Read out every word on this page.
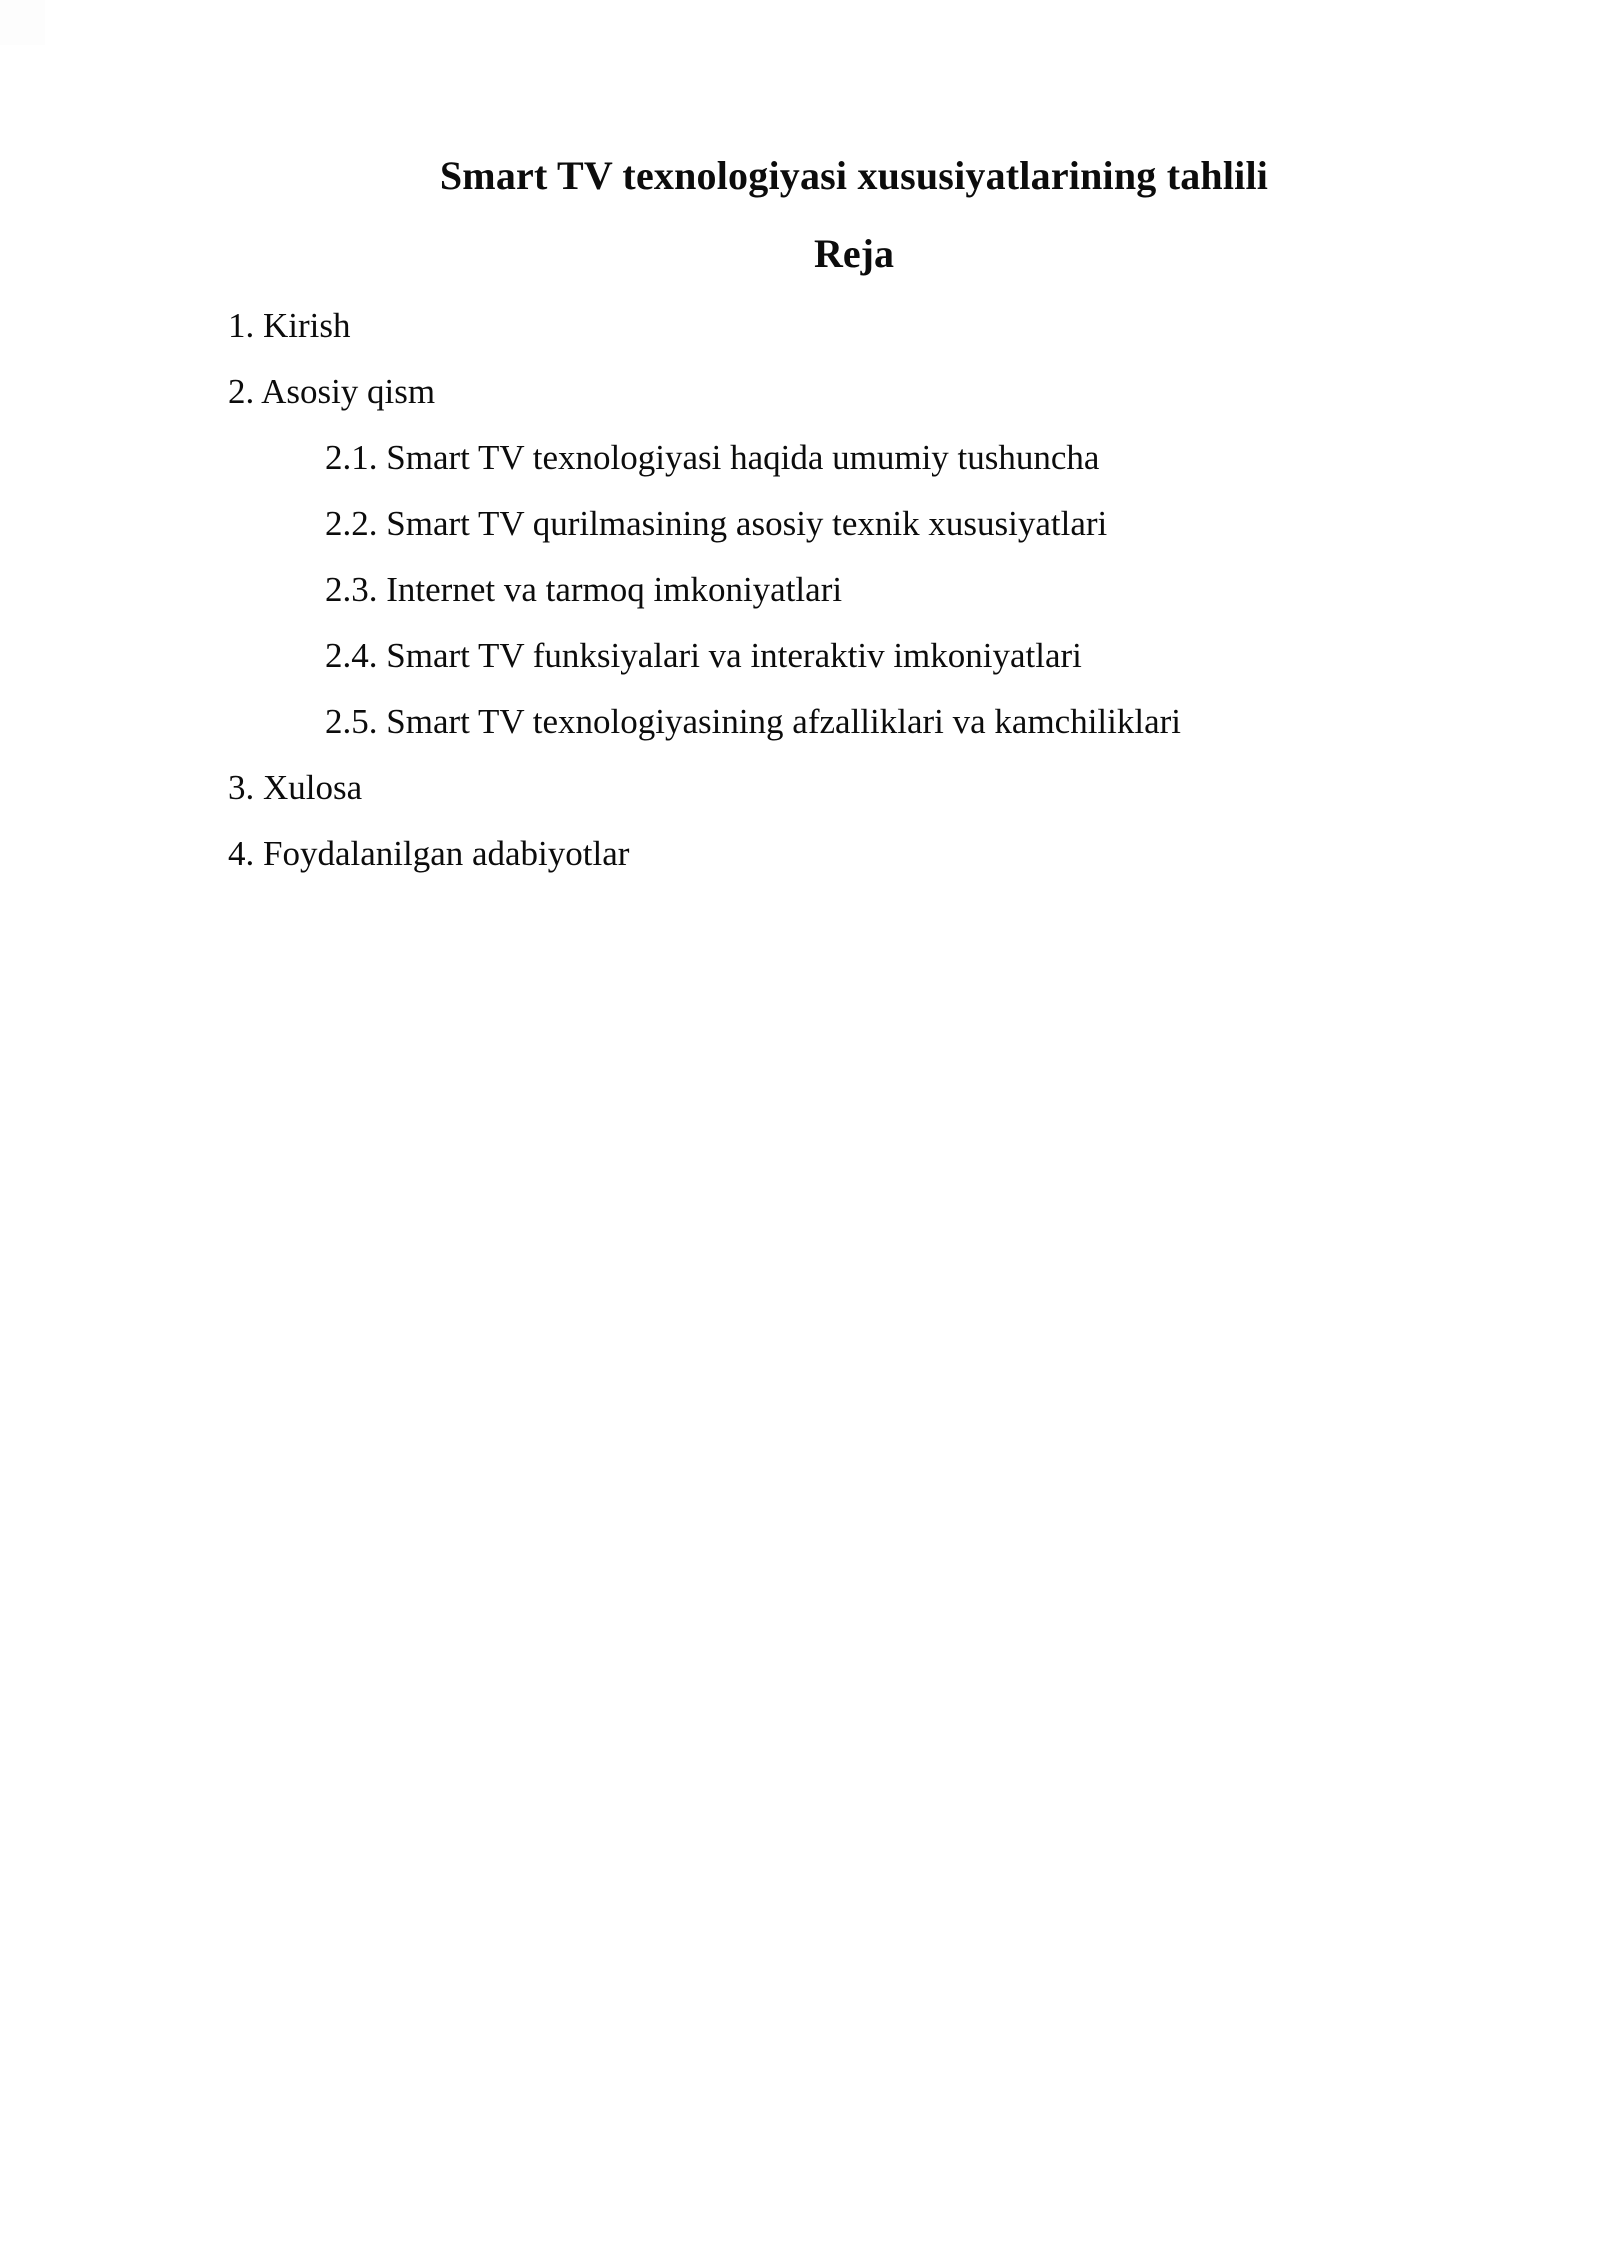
Smart TV texnologiyasi xususiyatlarining tahlili
Reja
1. Kirish
2. Asosiy qism
2.1. Smart TV texnologiyasi haqida umumiy tushuncha
2.2. Smart TV qurilmasining asosiy texnik xususiyatlari
2.3. Internet va tarmoq imkoniyatlari
2.4. Smart TV funksiyalari va interaktiv imkoniyatlari
2.5. Smart TV texnologiyasining afzalliklari va kamchiliklari
3. Xulosa
4. Foydalanilgan adabiyotlar
